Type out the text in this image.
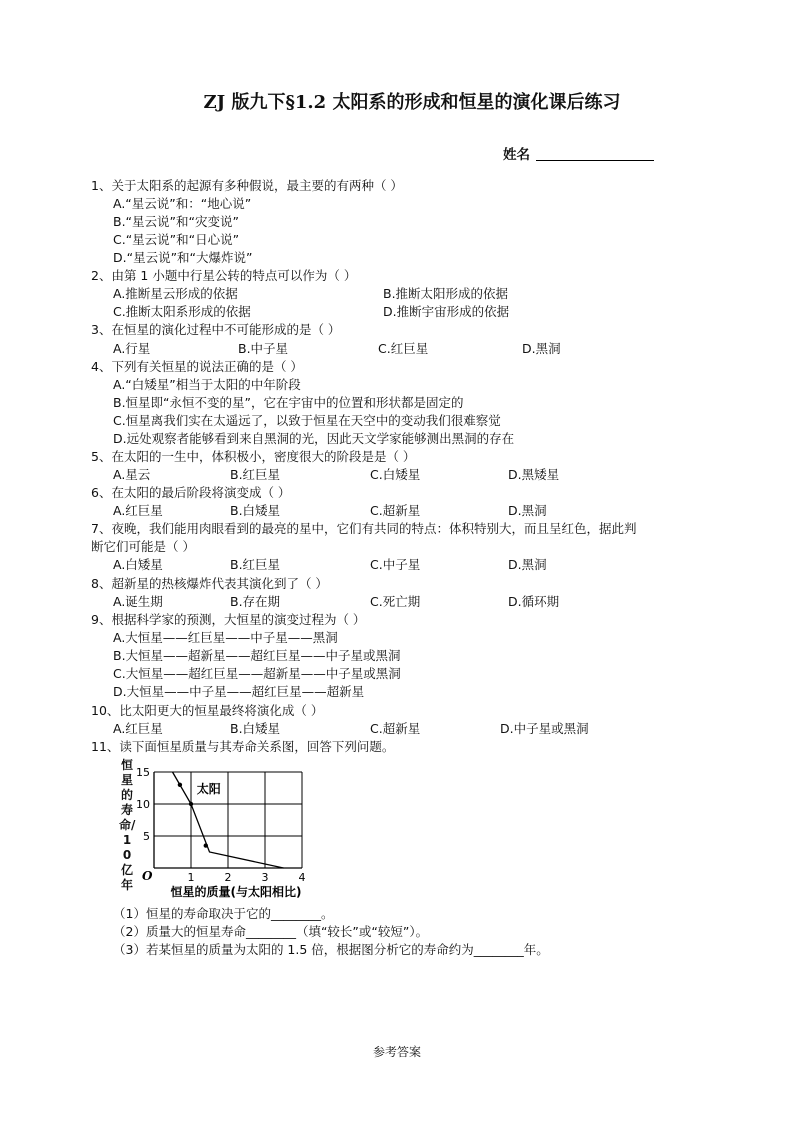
ZJ 版九下§1.2 太阳系的形成和恒星的演化课后练习
姓名
1、关于太阳系的起源有多种假说，最主要的有两种（ ）
A.“星云说”和：“地心说”
B.“星云说”和“灾变说”
C.“星云说”和“日心说”
D.“星云说”和“大爆炸说”
2、由第 1 小题中行星公转的特点可以作为（ ）
A.推断星云形成的依据	B.推断太阳形成的依据
C.推断太阳系形成的依据	D.推断宇宙形成的依据
3、在恒星的演化过程中不可能形成的是（ ）
A.行星	B.中子星	C.红巨星	D.黑洞
4、下列有关恒星的说法正确的是（ ）
A.“白矮星”相当于太阳的中年阶段
B.恒星即“永恒不变的星”，它在宇宙中的位置和形状都是固定的
C.恒星离我们实在太遥远了，以致于恒星在天空中的变动我们很难察觉
D.远处观察者能够看到来自黑洞的光，因此天文学家能够测出黑洞的存在
5、在太阳的一生中，体积极小，密度很大的阶段是是（ ）
A.星云	B.红巨星	C.白矮星	D.黑矮星
6、在太阳的最后阶段将演变成（ ）
A.红巨星	B.白矮星	C.超新星	D.黑洞
7、夜晚，我们能用肉眼看到的最亮的星中，它们有共同的特点：体积特别大，而且呈红色，据此判
断它们可能是（ ）
A.白矮星	B.红巨星	C.中子星	D.黑洞
8、超新星的热核爆炸代表其演化到了（ ）
A.诞生期	B.存在期	C.死亡期	D.循环期
9、根据科学家的预测，大恒星的演变过程为（ ）
A.大恒星——红巨星——中子星——黑洞
B.大恒星——超新星——超红巨星——中子星或黑洞
C.大恒星——超红巨星——超新星——中子星或黑洞
D.大恒星——中子星——超红巨星——超新星
10、比太阳更大的恒星最终将演化成（ ）
A.红巨星	B.白矮星	C.超新星	D.中子星或黑洞
11、读下面恒星质量与其寿命关系图，回答下列问题。
恒星的寿命/10亿年
1	2	3	4
5
10
15
O
恒星的质量(与太阳相比)
太阳
（1）恒星的寿命取决于它的________。
（2）质量大的恒星寿命________（填“较长”或“较短”）。
（3）若某恒星的质量为太阳的 1.5 倍，根据图分析它的寿命约为________年。
参考答案
